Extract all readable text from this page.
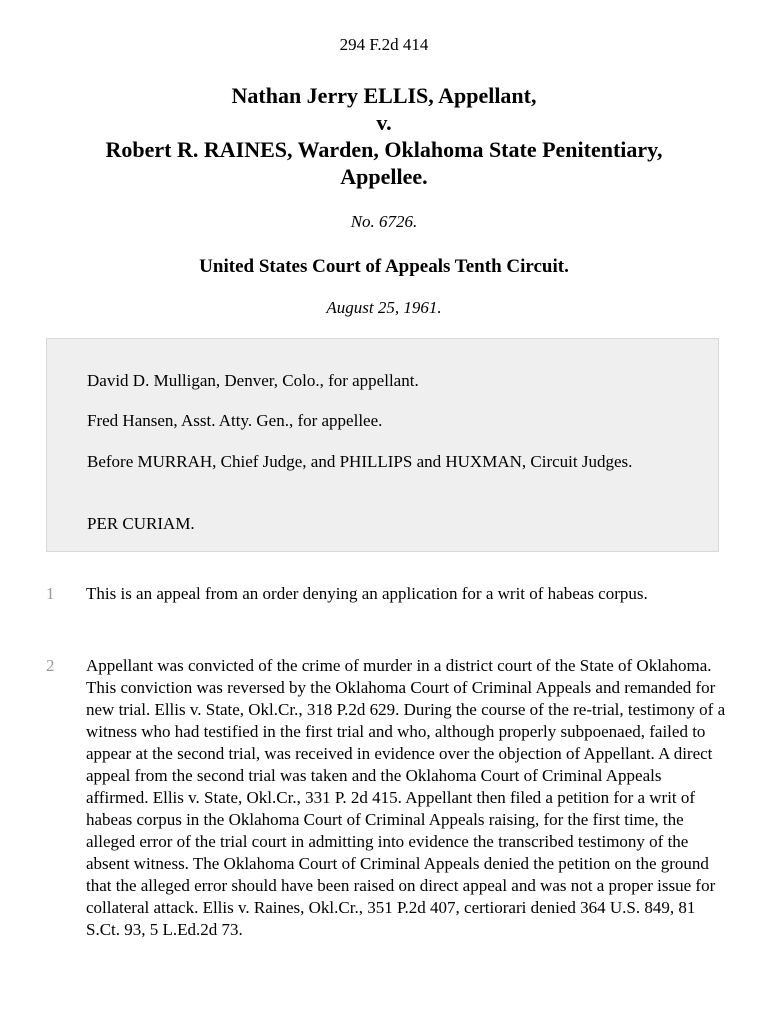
294 F.2d 414
Nathan Jerry ELLIS, Appellant,
v.
Robert R. RAINES, Warden, Oklahoma State Penitentiary,
Appellee.
No. 6726.
United States Court of Appeals Tenth Circuit.
August 25, 1961.

David D. Mulligan, Denver, Colo., for appellant.

Fred Hansen, Asst. Atty. Gen., for appellee.

Before MURRAH, Chief Judge, and PHILLIPS and HUXMAN, Circuit Judges.

PER CURIAM.

1 This is an appeal from an order denying an application for a writ of habeas corpus.

2 Appellant was convicted of the crime of murder in a district court of the State of Oklahoma. This conviction was reversed by the Oklahoma Court of Criminal Appeals and remanded for new trial. Ellis v. State, Okl.Cr., 318 P.2d 629. During the course of the re-trial, testimony of a witness who had testified in the first trial and who, although properly subpoenaed, failed to appear at the second trial, was received in evidence over the objection of Appellant. A direct appeal from the second trial was taken and the Oklahoma Court of Criminal Appeals affirmed. Ellis v. State, Okl.Cr., 331 P. 2d 415. Appellant then filed a petition for a writ of habeas corpus in the Oklahoma Court of Criminal Appeals raising, for the first time, the alleged error of the trial court in admitting into evidence the transcribed testimony of the absent witness. The Oklahoma Court of Criminal Appeals denied the petition on the ground that the alleged error should have been raised on direct appeal and was not a proper issue for collateral attack. Ellis v. Raines, Okl.Cr., 351 P.2d 407, certiorari denied 364 U.S. 849, 81 S.Ct. 93, 5 L.Ed.2d 73.
